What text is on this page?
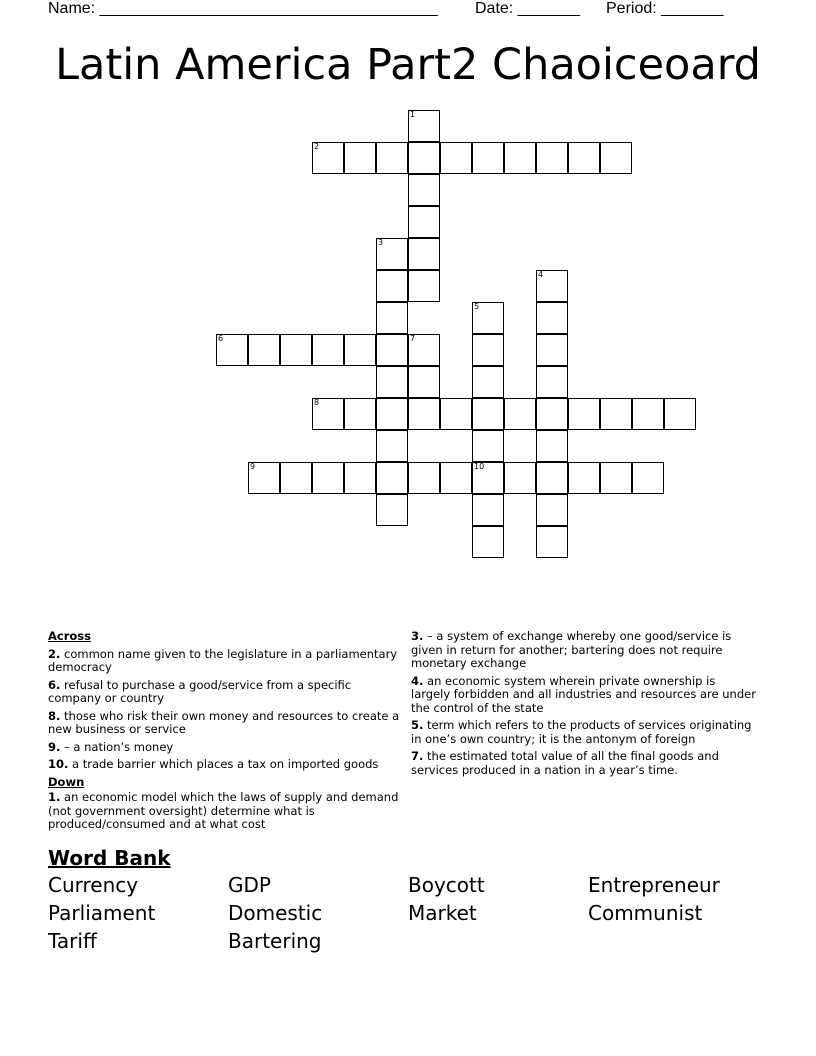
Name: ______________________________________ Date: _______ Period: _______
Latin America Part2 Chaoiceoard
1
2
3
4
5
10
6	7
8
9
Across
2. common name given to the legislature in a parliamentary democracy
6. refusal to purchase a good/service from a specific company or country
8. those who risk their own money and resources to create a new business or service
9. – a nation’s money
10. a trade barrier which places a tax on imported goods
Down
1. an economic model which the laws of supply and demand (not government oversight) determine what is produced/consumed and at what cost
3. – a system of exchange whereby one good/service is given in return for another; bartering does not require monetary exchange
4. an economic system wherein private ownership is largely forbidden and all industries and resources are under the control of the state
5. term which refers to the products of services originating in one’s own country; it is the antonym of foreign
7. the estimated total value of all the final goods and services produced in a nation in a year’s time.
Word Bank
Currency	GDP	Boycott	Entrepreneur
Parliament	Domestic	Market	Communist
Tariff	Bartering
